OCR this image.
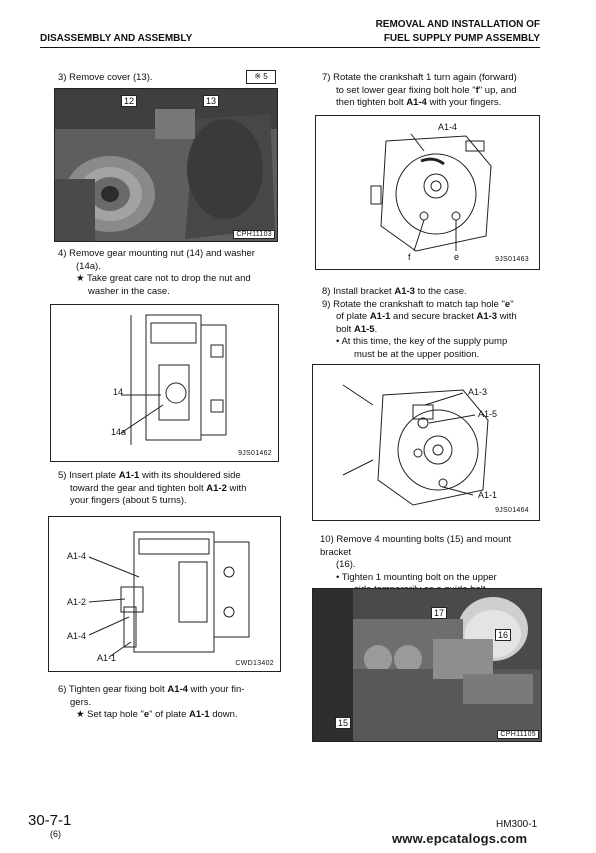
DISASSEMBLY AND ASSEMBLY
REMOVAL AND INSTALLATION OF
FUEL SUPPLY PUMP ASSEMBLY
3) Remove cover (13).	※ 5
12	13
CPH11103
4) Remove gear mounting nut (14) and washer
(14a).
★ Take great care not to drop the nut and
washer in the case.
14
14a
9JS01462
5) Insert plate A1-1 with its shouldered side
toward the gear and tighten bolt A1-2 with
your fingers (about 5 turns).
A1-4
A1-2
A1-4
A1-1
CWD13402
6) Tighten gear fixing bolt A1-4 with your fin-
gers.
★ Set tap hole "e" of plate A1-1 down.
7) Rotate the crankshaft 1 turn again (forward)
to set lower gear fixing bolt hole "f" up, and
then tighten bolt A1-4 with your fingers.
A1-4
f	e	9JS01463
8) Install bracket A1-3 to the case.
9) Rotate the crankshaft to match tap hole "e"
of plate A1-1 and secure bracket A1-3 with
bolt A1-5.
• At this time, the key of the supply pump
must be at the upper position.
A1-3
A1-5
A1-1
9JS01464
10) Remove 4 mounting bolts (15) and mount bracket
(16).
• Tighten 1 mounting bolt on the upper
17
16
15
CPH11105
30-7-1
(6)
HM300-1
www.epcatalogs.com
